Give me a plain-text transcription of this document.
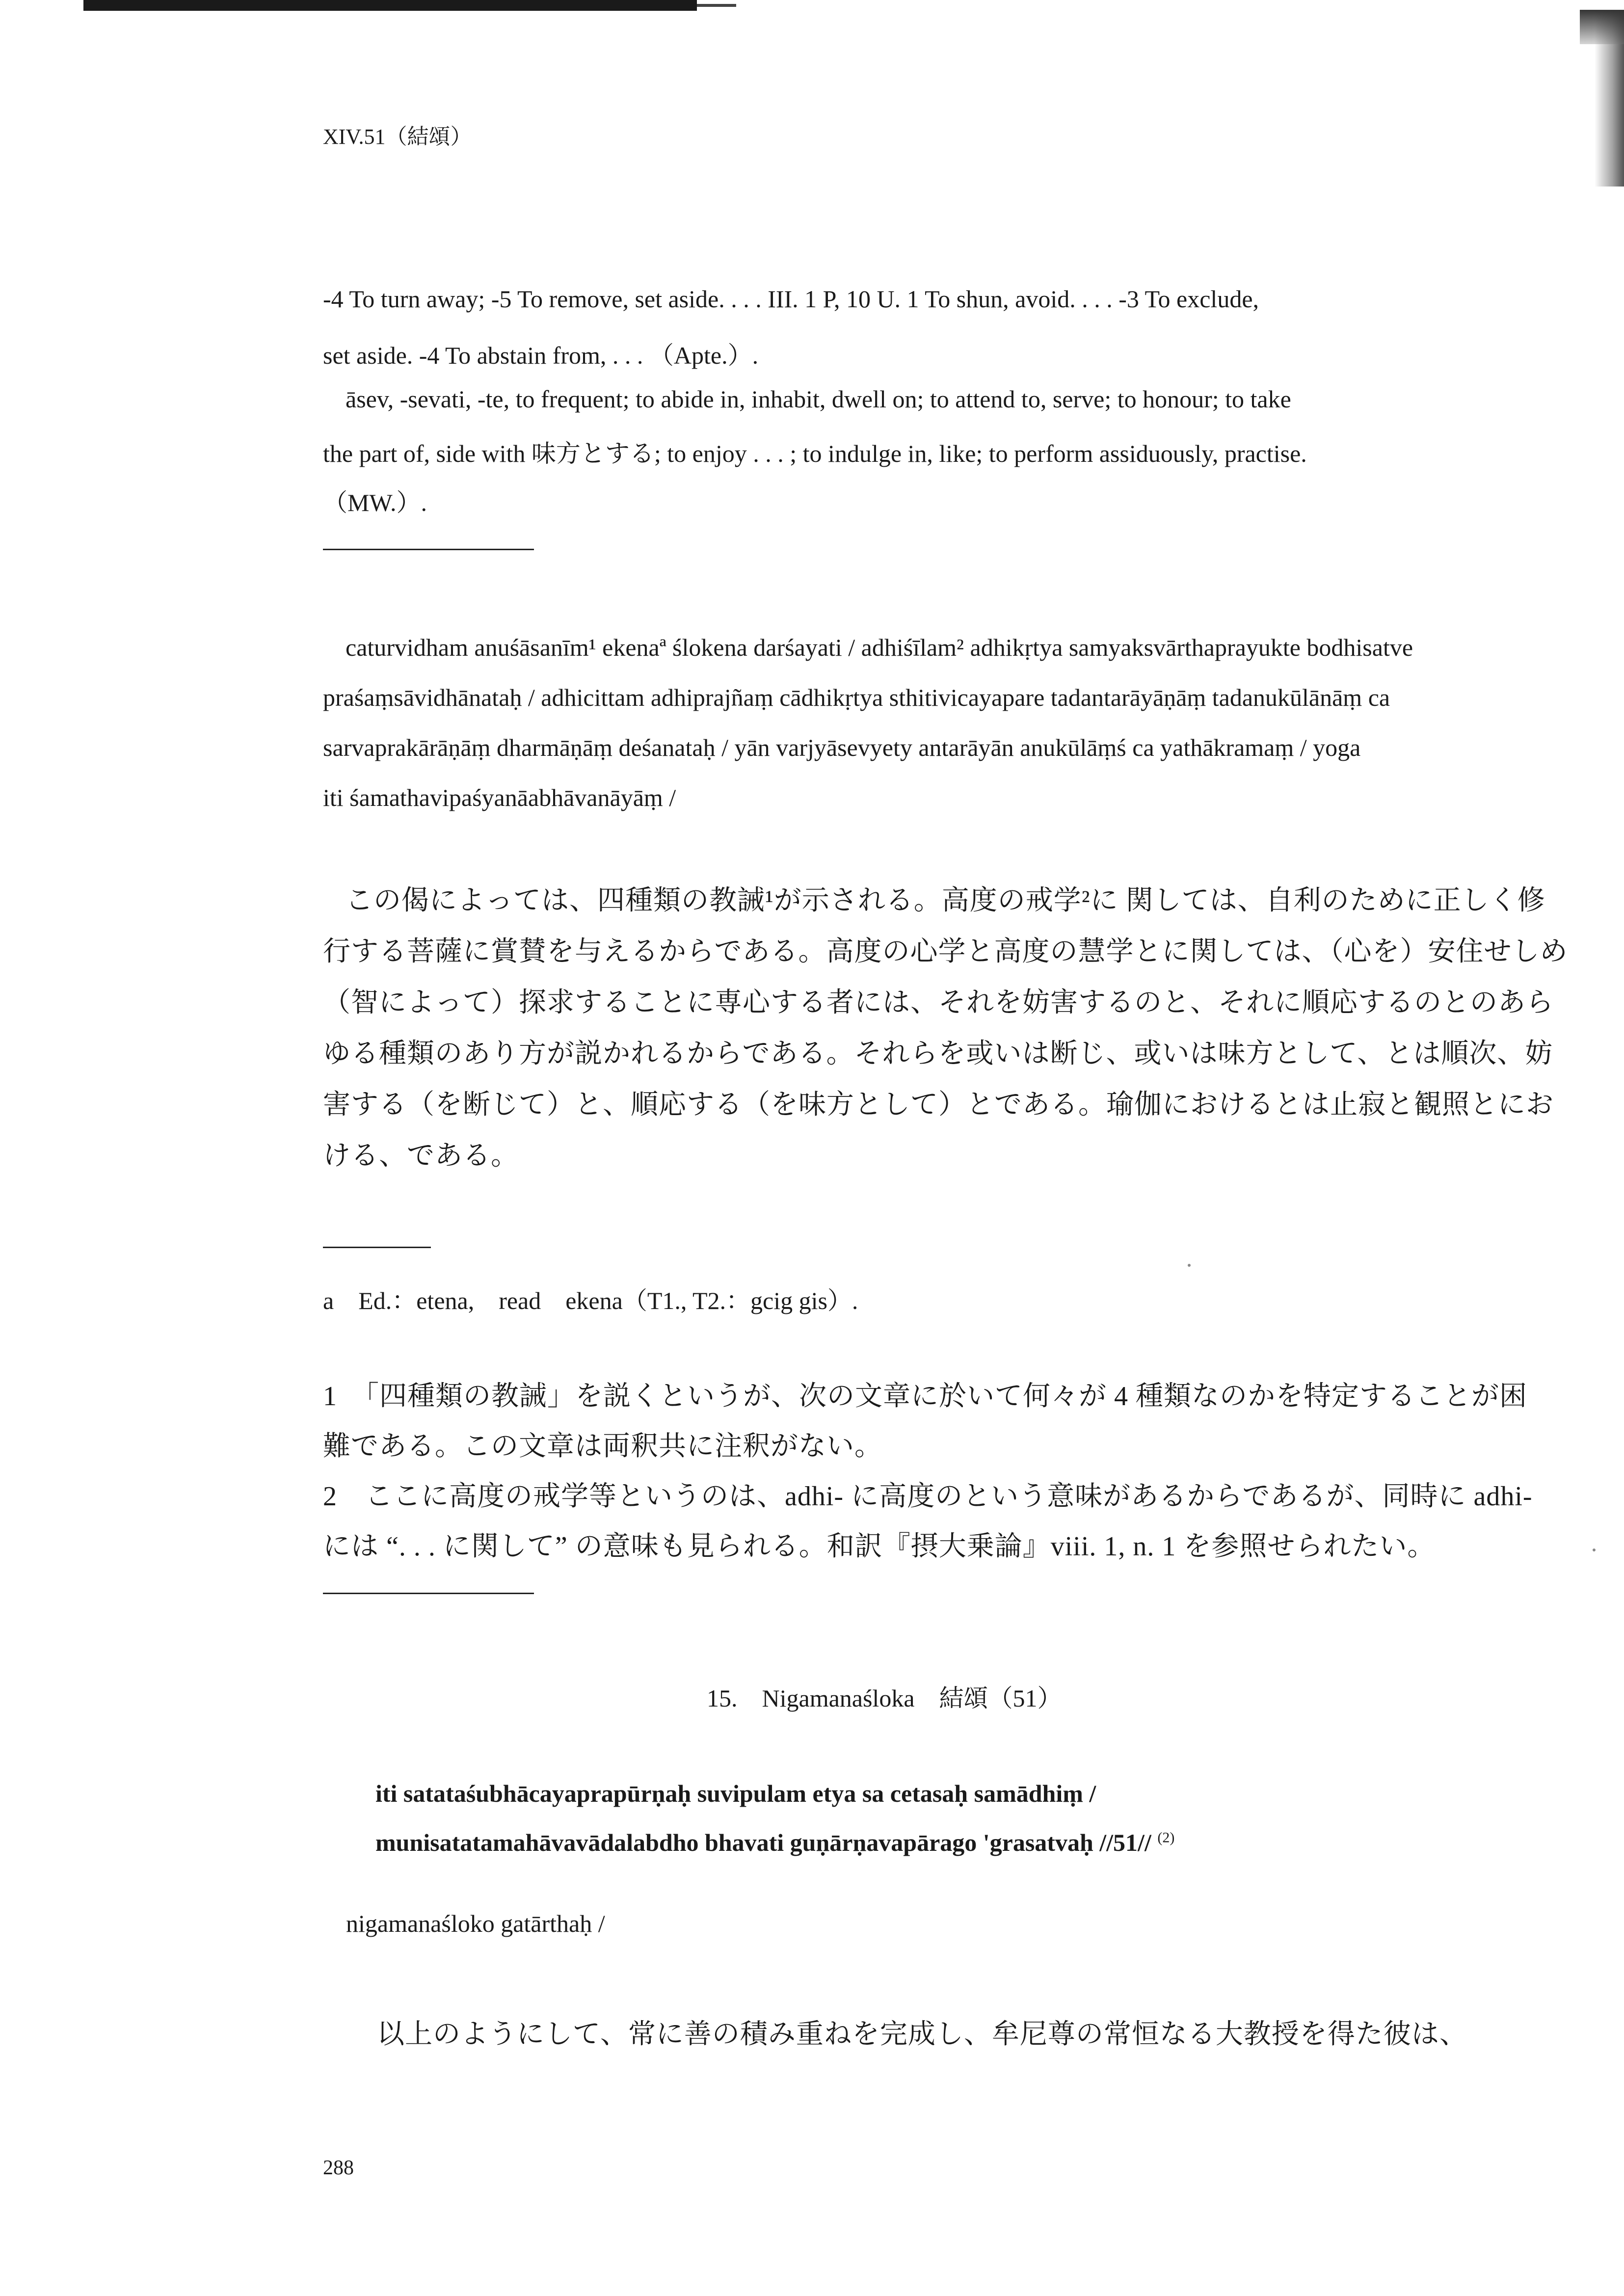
XIV.51（結頌）
-4 To turn away; -5 To remove, set aside. . . . III. 1 P, 10 U. 1 To shun, avoid. . . . -3 To exclude,
set aside. -4 To abstain from, . . . （Apte.）.
āsev, -sevati, -te, to frequent; to abide in, inhabit, dwell on; to attend to, serve; to honour; to take
the part of, side with 味方とする; to enjoy . . . ; to indulge in, like; to perform assiduously, practise.
（MW.）.
caturvidham anuśāsanīm¹ ekenaª ślokena darśayati / adhiśīlam² adhikṛtya samyaksvārthaprayukte bodhisatve
praśaṃsāvidhānataḥ / adhicittam adhiprajñaṃ cādhikṛtya sthitivicayapare tadantarāyāṇāṃ tadanukūlānāṃ ca
sarvaprakārāṇāṃ dharmāṇāṃ deśanataḥ / yān varjyāsevyety antarāyān anukūlāṃś ca yathākramaṃ / yoga
iti śamathavipaśyanāabhāvanāyāṃ /
この偈によっては、四種類の教誡¹が示される。高度の戒学²に 関しては、自利のために正しく修
行する菩薩に賞賛を与えるからである。高度の心学と高度の慧学とに関しては、（心を）安住せしめ
（智によって）探求することに専心する者には、それを妨害するのと、それに順応するのとのあら
ゆる種類のあり方が説かれるからである。それらを或いは断じ、或いは味方として、とは順次、妨
害する（を断じて）と、順応する（を味方として）とである。瑜伽におけるとは止寂と観照とにお
ける、である。
a　Ed.：etena,　read　ekena（T1., T2.：gcig gis）.
1　「四種類の教誡」を説くというが、次の文章に於いて何々が 4 種類なのかを特定することが困
難である。この文章は両釈共に注釈がない。
2　ここに高度の戒学等というのは、adhi- に高度のという意味があるからであるが、同時に adhi-
には “. . . に関して” の意味も見られる。和訳『摂大乗論』viii. 1, n. 1 を参照せられたい。
15.　Nigamanaśloka　結頌（51）
iti satataśubhācayaprapūrṇaḥ suvipulam etya sa cetasaḥ samādhiṃ /
munisatatamahāvavādalabdho bhavati guṇārṇavapārago 'grasatvaḥ //51// $^{(2)}$
nigamanaśloko gatārthaḥ /
以上のようにして、常に善の積み重ねを完成し、牟尼尊の常恒なる大教授を得た彼は、
288
